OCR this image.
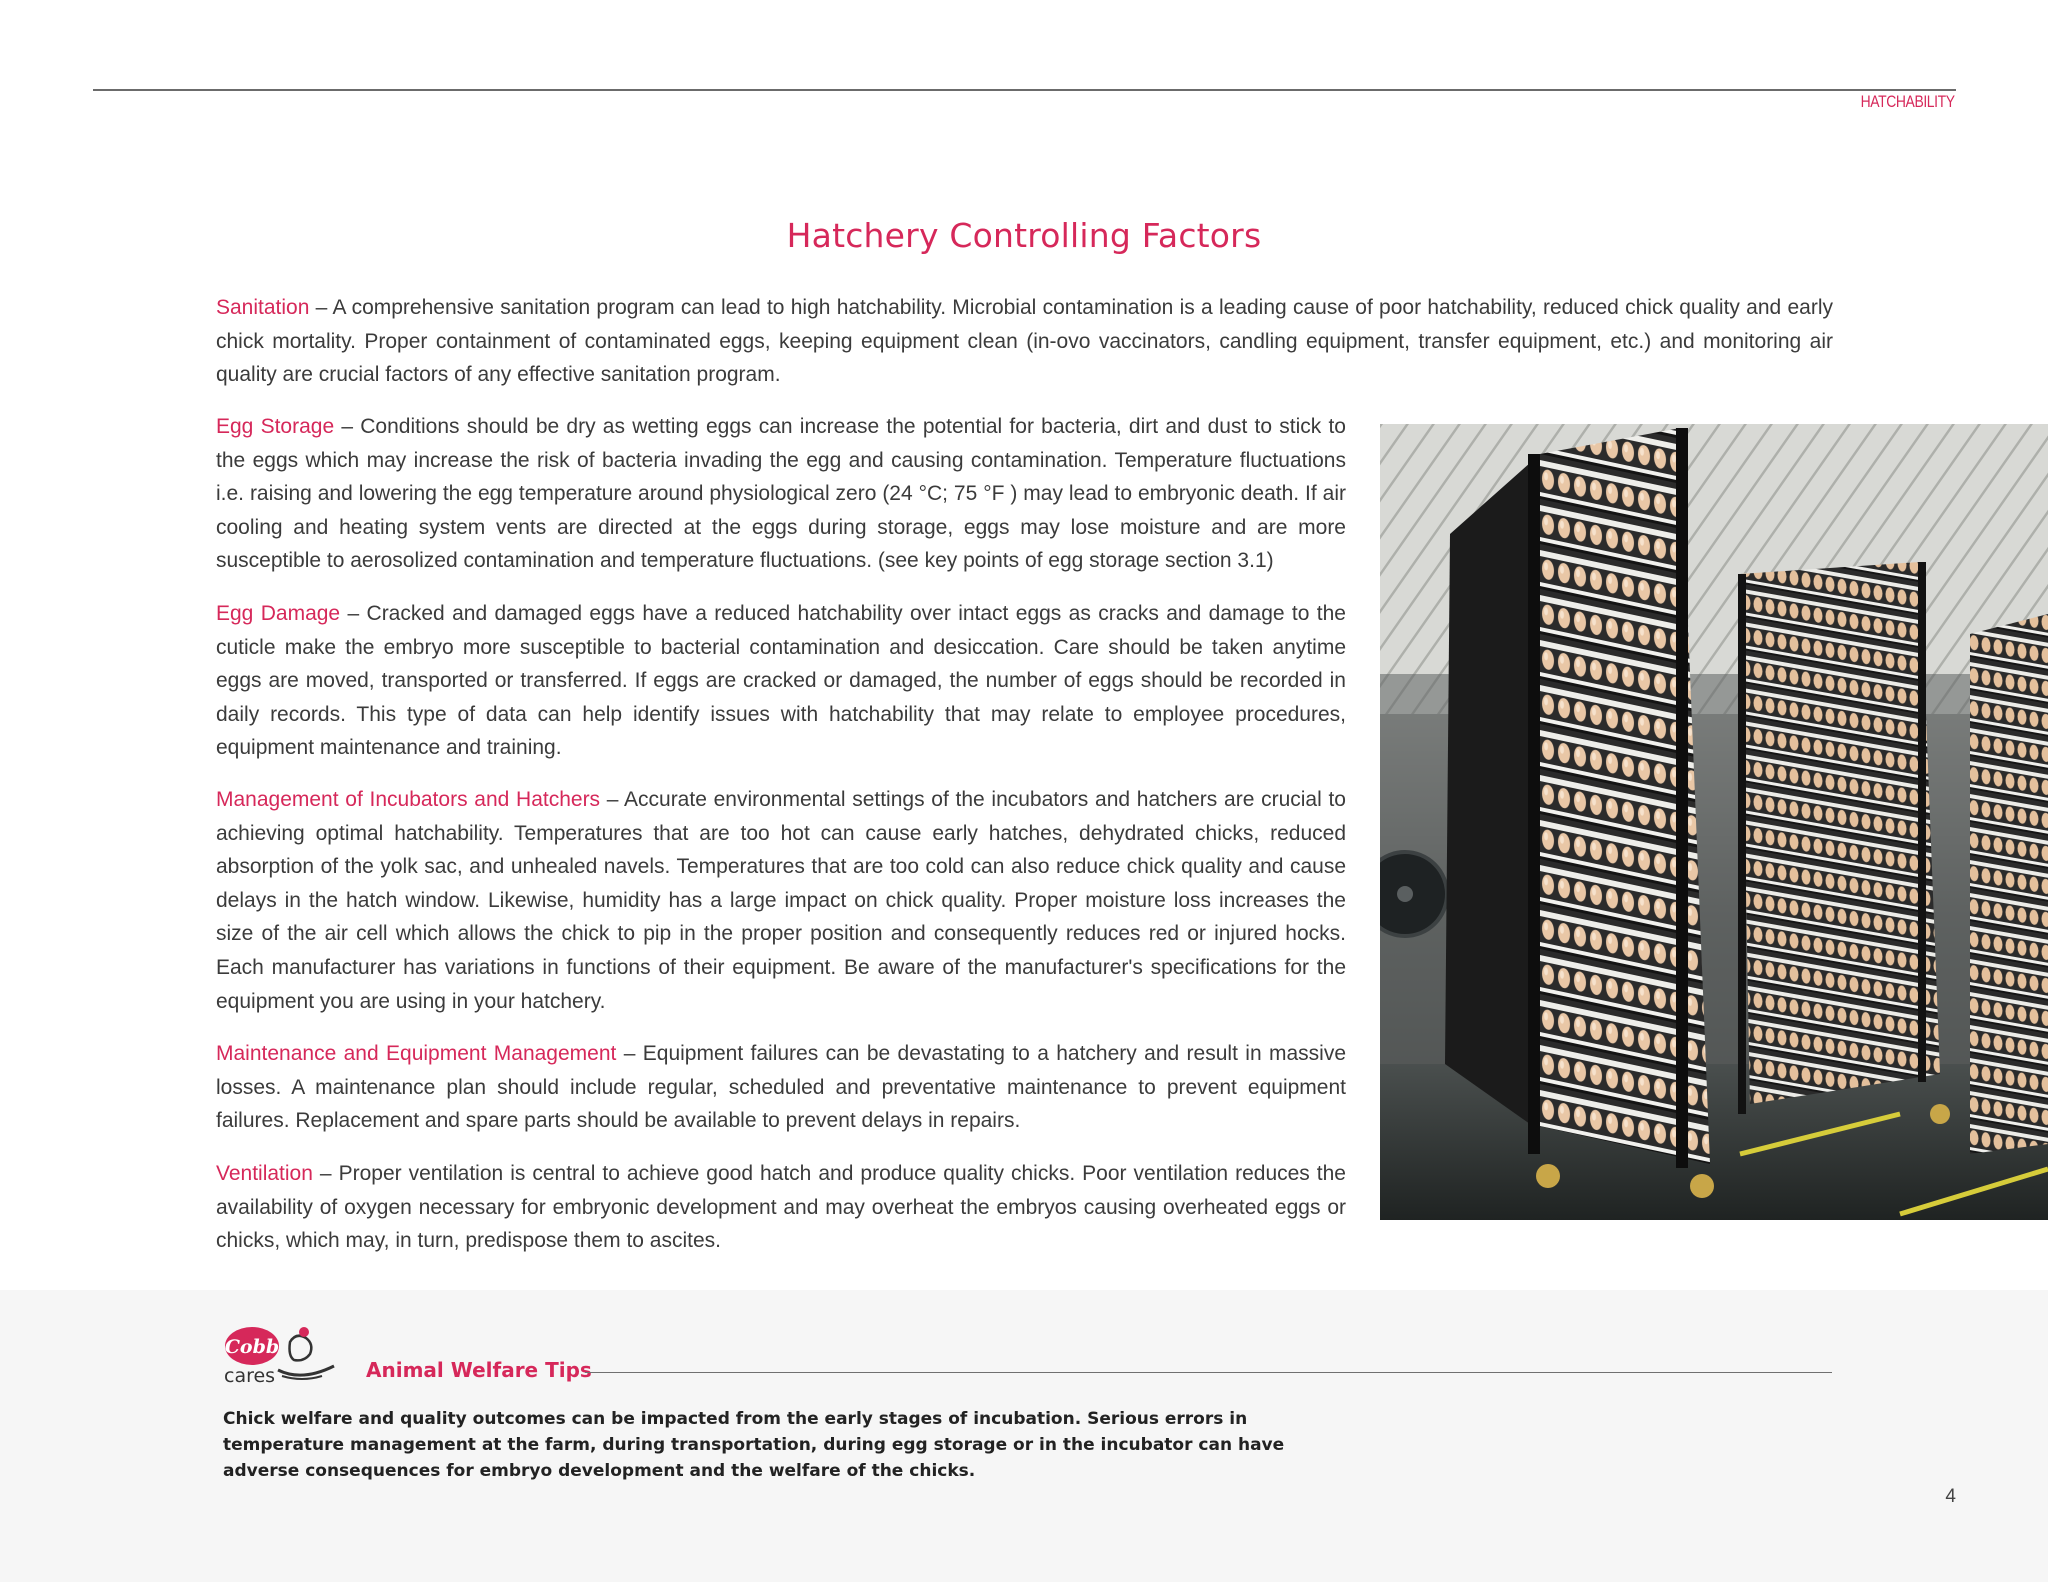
HATCHABILITY
Hatchery Controlling Factors

Sanitation – A comprehensive sanitation program can lead to high hatchability. Microbial contamination is a leading cause of poor hatchability, reduced chick quality and early chick mortality. Proper containment of contaminated eggs, keeping equipment clean (in-ovo vaccinators, candling equipment, transfer equipment, etc.) and monitoring air quality are crucial factors of any effective sanitation program.

Egg Storage – Conditions should be dry as wetting eggs can increase the potential for bacteria, dirt and dust to stick to the eggs which may increase the risk of bacteria invading the egg and causing contamination. Temperature fluctuations i.e. raising and lowering the egg temperature around physiological zero (24 °C; 75 °F ) may lead to embryonic death. If air cooling and heating system vents are directed at the eggs during storage, eggs may lose moisture and are more susceptible to aerosolized contamination and temperature fluctuations. (see key points of egg storage section 3.1)

Egg Damage – Cracked and damaged eggs have a reduced hatchability over intact eggs as cracks and damage to the cuticle make the embryo more susceptible to bacterial contamination and desiccation. Care should be taken anytime eggs are moved, transported or transferred. If eggs are cracked or damaged, the number of eggs should be recorded in daily records. This type of data can help identify issues with hatchability that may relate to employee procedures, equipment maintenance and training.

Management of Incubators and Hatchers – Accurate environmental settings of the incubators and hatchers are crucial to achieving optimal hatchability. Temperatures that are too hot can cause early hatches, dehydrated chicks, reduced absorption of the yolk sac, and unhealed navels. Temperatures that are too cold can also reduce chick quality and cause delays in the hatch window. Likewise, humidity has a large impact on chick quality. Proper moisture loss increases the size of the air cell which allows the chick to pip in the proper position and consequently reduces red or injured hocks. Each manufacturer has variations in functions of their equipment. Be aware of the manufacturer's specifications for the equipment you are using in your hatchery.

Maintenance and Equipment Management – Equipment failures can be devastating to a hatchery and result in massive losses. A maintenance plan should include regular, scheduled and preventative maintenance to prevent equipment failures. Replacement and spare parts should be available to prevent delays in repairs.

Ventilation – Proper ventilation is central to achieve good hatch and produce quality chicks. Poor ventilation reduces the availability of oxygen necessary for embryonic development and may overheat the embryos causing overheated eggs or chicks, which may, in turn, predispose them to ascites.

Cobb
cares	Animal Welfare Tips

Chick welfare and quality outcomes can be impacted from the early stages of incubation. Serious errors in temperature management at the farm, during transportation, during egg storage or in the incubator can have adverse consequences for embryo development and the welfare of the chicks.

4
